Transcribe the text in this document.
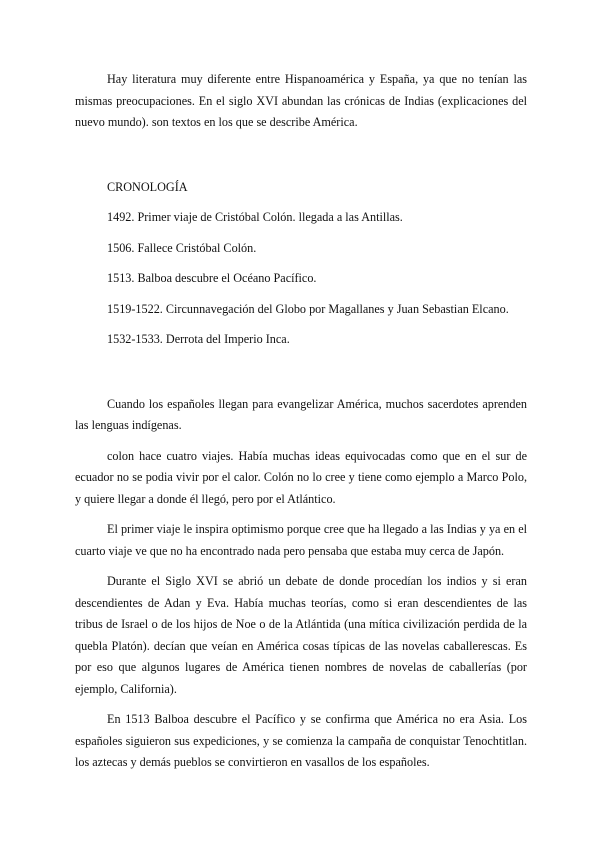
Hay literatura muy diferente entre Hispanoamérica y España, ya que no tenían las mismas preocupaciones. En el siglo XVI abundan las crónicas de Indias (explicaciones del nuevo mundo). son textos en los que se describe América.

CRONOLOGÍA
1492. Primer viaje de Cristóbal Colón. llegada a las Antillas.
1506. Fallece Cristóbal Colón.
1513. Balboa descubre el Océano Pacífico.
1519-1522. Circunnavegación del Globo por Magallanes y Juan Sebastian Elcano.
1532-1533. Derrota del Imperio Inca.

Cuando los españoles llegan para evangelizar América, muchos sacerdotes aprenden las lenguas indígenas.

colon hace cuatro viajes. Había muchas ideas equivocadas como que en el sur de ecuador no se podia vivir por el calor. Colón no lo cree y tiene como ejemplo a Marco Polo, y quiere llegar a donde él llegó, pero por el Atlántico.

El primer viaje le inspira optimismo porque cree que ha llegado a las Indias y ya en el cuarto viaje ve que no ha encontrado nada pero pensaba que estaba muy cerca de Japón.

Durante el Siglo XVI se abrió un debate de donde procedían los indios y si eran descendientes de Adan y Eva. Había muchas teorías, como si eran descendientes de las tribus de Israel o de los hijos de Noe o de la Atlántida (una mítica civilización perdida de la quebla Platón). decían que veían en América cosas típicas de las novelas caballerescas. Es por eso que algunos lugares de América tienen nombres de novelas de caballerías (por ejemplo, California).

En 1513 Balboa descubre el Pacífico y se confirma que América no era Asia. Los españoles siguieron sus expediciones, y se comienza la campaña de conquistar Tenochtitlan. los aztecas y demás pueblos se convirtieron en vasallos de los españoles.
